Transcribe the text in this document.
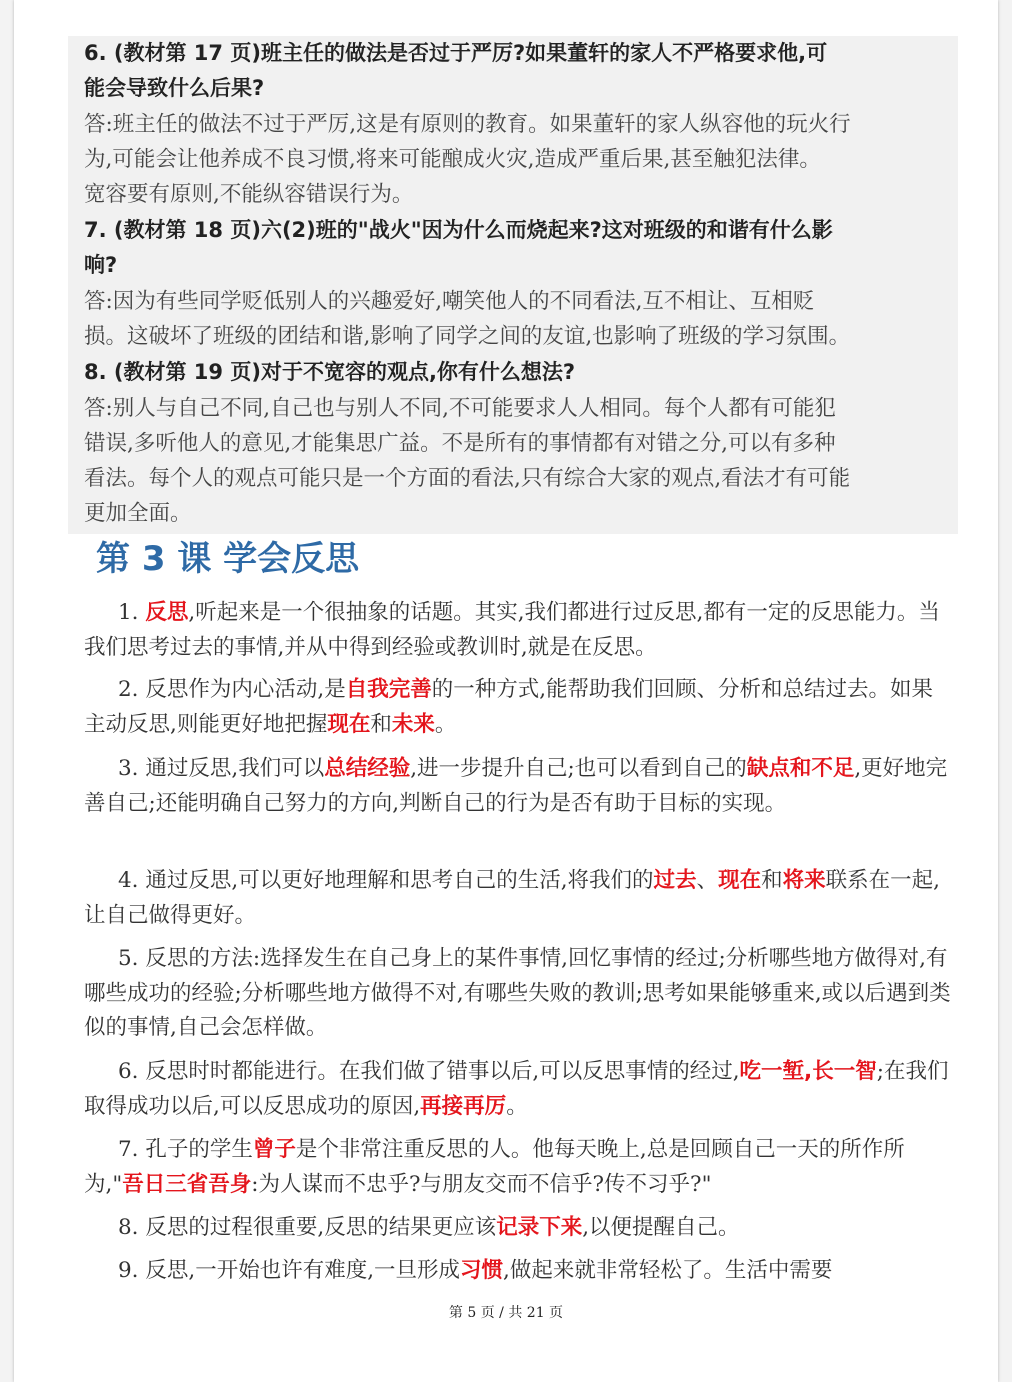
6. (教材第 17 页)班主任的做法是否过于严厉?如果董轩的家人不严格要求他,可
能会导致什么后果?
答:班主任的做法不过于严厉,这是有原则的教育。如果董轩的家人纵容他的玩火行
为,可能会让他养成不良习惯,将来可能酿成火灾,造成严重后果,甚至触犯法律。
宽容要有原则,不能纵容错误行为。
7. (教材第 18 页)六(2)班的"战火"因为什么而烧起来?这对班级的和谐有什么影
响?
答:因为有些同学贬低别人的兴趣爱好,嘲笑他人的不同看法,互不相让、互相贬
损。这破坏了班级的团结和谐,影响了同学之间的友谊,也影响了班级的学习氛围。
8. (教材第 19 页)对于不宽容的观点,你有什么想法?
答:别人与自己不同,自己也与别人不同,不可能要求人人相同。每个人都有可能犯
错误,多听他人的意见,才能集思广益。不是所有的事情都有对错之分,可以有多种
看法。每个人的观点可能只是一个方面的看法,只有综合大家的观点,看法才有可能
更加全面。
第 3 课 学会反思
1. 反思,听起来是一个很抽象的话题。其实,我们都进行过反思,都有一定的反思能力。当我们思考过去的事情,并从中得到经验或教训时,就是在反思。
2. 反思作为内心活动,是自我完善的一种方式,能帮助我们回顾、分析和总结过去。如果主动反思,则能更好地把握现在和未来。
3. 通过反思,我们可以总结经验,进一步提升自己;也可以看到自己的缺点和不足,更好地完善自己;还能明确自己努力的方向,判断自己的行为是否有助于目标的实现。
4. 通过反思,可以更好地理解和思考自己的生活,将我们的过去、现在和将来联系在一起,让自己做得更好。
5. 反思的方法:选择发生在自己身上的某件事情,回忆事情的经过;分析哪些地方做得对,有哪些成功的经验;分析哪些地方做得不对,有哪些失败的教训;思考如果能够重来,或以后遇到类似的事情,自己会怎样做。
6. 反思时时都能进行。在我们做了错事以后,可以反思事情的经过,吃一堑,长一智;在我们取得成功以后,可以反思成功的原因,再接再厉。
7. 孔子的学生曾子是个非常注重反思的人。他每天晚上,总是回顾自己一天的所作所为,"吾日三省吾身:为人谋而不忠乎?与朋友交而不信乎?传不习乎?"
8. 反思的过程很重要,反思的结果更应该记录下来,以便提醒自己。
9. 反思,一开始也许有难度,一旦形成习惯,做起来就非常轻松了。生活中需要
第 5 页 / 共 21 页
